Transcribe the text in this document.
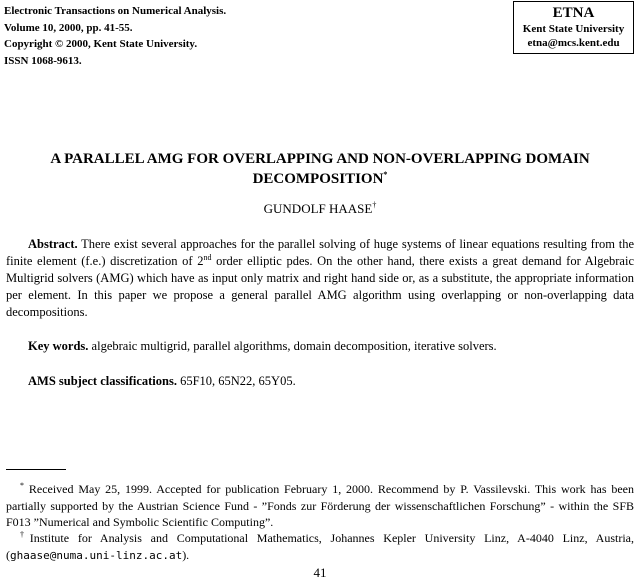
Electronic Transactions on Numerical Analysis.
Volume 10, 2000, pp. 41-55.
Copyright © 2000, Kent State University.
ISSN 1068-9613.
ETNA
Kent State University
etna@mcs.kent.edu
A PARALLEL AMG FOR OVERLAPPING AND NON-OVERLAPPING DOMAIN DECOMPOSITION*
GUNDOLF HAASE†
Abstract. There exist several approaches for the parallel solving of huge systems of linear equations resulting from the finite element (f.e.) discretization of 2nd order elliptic pdes. On the other hand, there exists a great demand for Algebraic Multigrid solvers (AMG) which have as input only matrix and right hand side or, as a substitute, the appropriate information per element. In this paper we propose a general parallel AMG algorithm using overlapping or non-overlapping data decompositions.
Key words. algebraic multigrid, parallel algorithms, domain decomposition, iterative solvers.
AMS subject classifications. 65F10, 65N22, 65Y05.
* Received May 25, 1999. Accepted for publication February 1, 2000. Recommend by P. Vassilevski. This work has been partially supported by the Austrian Science Fund - ”Fonds zur Förderung der wissenschaftlichen Forschung” - within the SFB F013 ”Numerical and Symbolic Scientific Computing”.
†Institute for Analysis and Computational Mathematics, Johannes Kepler University Linz, A-4040 Linz, Austria, (ghaase@numa.uni-linz.ac.at).
41
